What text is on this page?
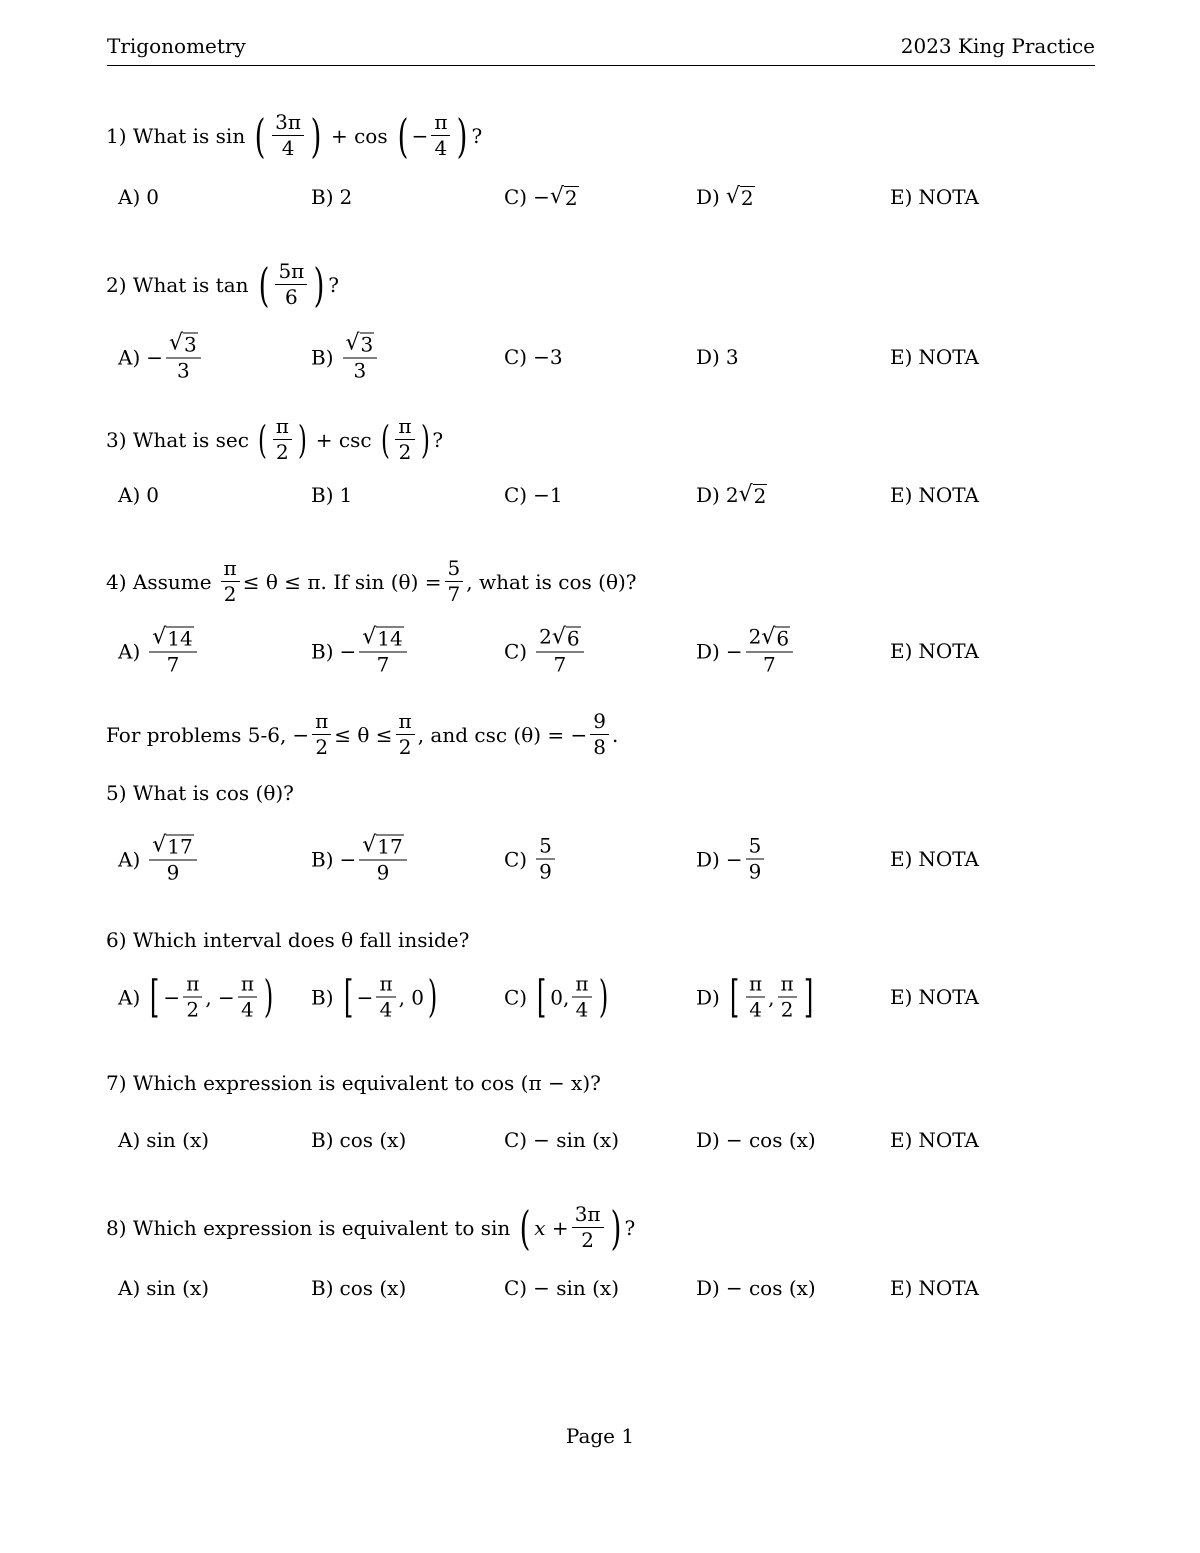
Trigonometry	2023 King Practice
1) What is sin ( $\frac{3\pi}{4}$ ) + cos ( − $\frac{\pi}{4}$ ) ?
A) 0	B) 2	C) − √ 2	D) √ 2	E) NOTA
2) What is tan ( $\frac{5\pi}{6}$ ) ?
$A) - \frac{√ 3}{3}$	$B) \frac{√ 3}{3}$	C) −3	D) 3	E) NOTA
3) What is sec ( $\frac{\pi}{2}$ ) + csc ( $\frac{\pi}{2}$ ) ?
A) 0	B) 1	C) −1	D) 2 √ 2	E) NOTA
4) Assume $\frac{\pi}{2} \le \theta \le \pi$. If $\sin (\theta) = \frac{5}{7}$ , what is cos (θ)?
$A) \frac{√ 14}{7}$	$B) - \frac{√ 14}{7}$	$C) \frac{2 √ 6}{7}$	$D) - \frac{2 √ 6}{7}$	E) NOTA
For problems 5-6, − $\frac{\pi}{2} \le \theta \le \frac{\pi}{2}$ , and csc (θ) = − $\frac{9}{8}$ .
5) What is cos (θ)?
$A) \frac{√ 17}{9}$	$B) - \frac{√ 17}{9}$	$C) \frac{5}{9}$	$D) - \frac{5}{9}$	E) NOTA
6) Which interval does θ fall inside?
A) [ − $\frac{\pi}{2}$ , − $\frac{\pi}{4}$ ) B) [ − $\frac{\pi}{4}$ , 0 )	C) [ 0, $\frac{\pi}{4}$ )	D) [ $\frac{\pi}{4}$ , $\frac{\pi}{2}$ ]	E) NOTA
7) Which expression is equivalent to cos (π − x)?
A) sin (x)	B) cos (x)	C) − sin (x)	D) − cos (x)	E) NOTA
8) Which expression is equivalent to sin ( $x + \frac{3\pi}{2}$ ) ?
A) sin (x)	B) cos (x)	C) − sin (x)	D) − cos (x)	E) NOTA
Page 1
